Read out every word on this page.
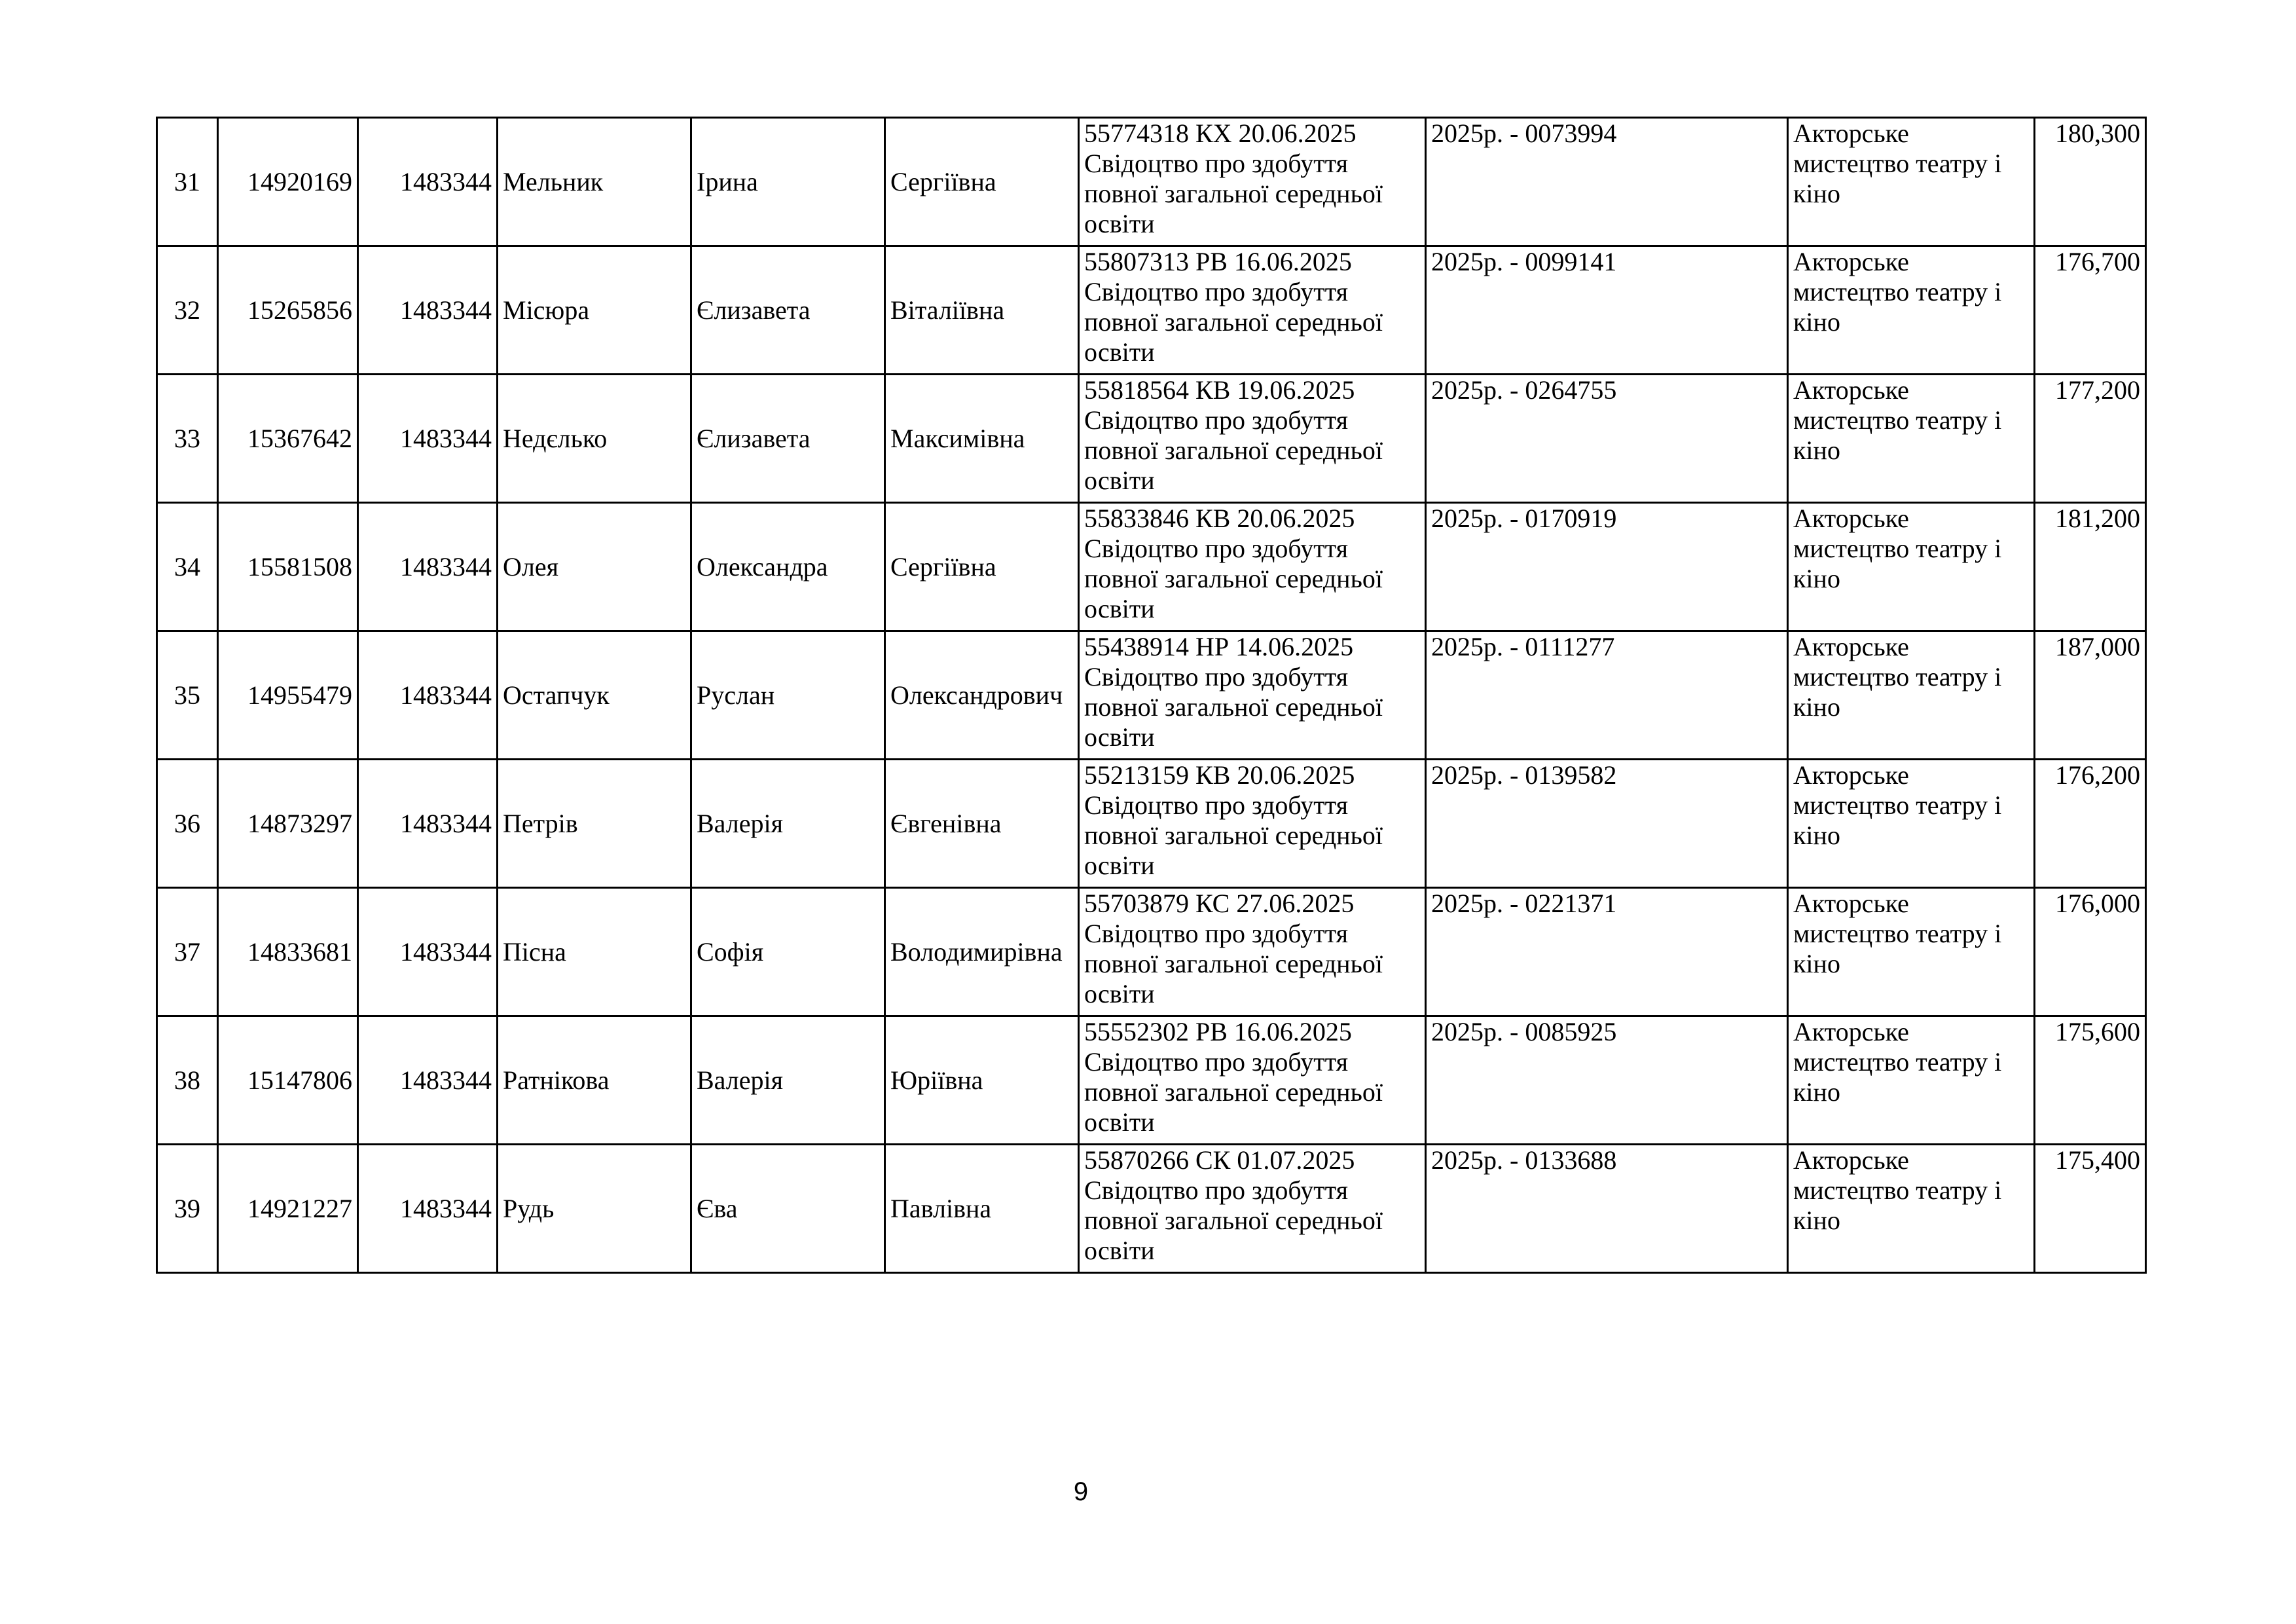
31	14920169	1483344	Мельник	Ірина	Сергіївна	55774318 КХ 20.06.2025
Свідоцтво про здобуття повної загальної середньої освіти	2025р. - 0073994	Акторське мистецтво театру і кіно	180,300
32	15265856	1483344	Місюра	Єлизавета	Віталіївна	55807313 РВ 16.06.2025
Свідоцтво про здобуття повної загальної середньої освіти	2025р. - 0099141	Акторське мистецтво театру і кіно	176,700
33	15367642	1483344	Недєлько	Єлизавета	Максимівна	55818564 КВ 19.06.2025
Свідоцтво про здобуття повної загальної середньої освіти	2025р. - 0264755	Акторське мистецтво театру і кіно	177,200
34	15581508	1483344	Олея	Олександра	Сергіївна	55833846 КВ 20.06.2025
Свідоцтво про здобуття повної загальної середньої освіти	2025р. - 0170919	Акторське мистецтво театру і кіно	181,200
35	14955479	1483344	Остапчук	Руслан	Олександрович	55438914 НР 14.06.2025
Свідоцтво про здобуття повної загальної середньої освіти	2025р. - 0111277	Акторське мистецтво театру і кіно	187,000
36	14873297	1483344	Петрів	Валерія	Євгенівна	55213159 КВ 20.06.2025
Свідоцтво про здобуття повної загальної середньої освіти	2025р. - 0139582	Акторське мистецтво театру і кіно	176,200
37	14833681	1483344	Пісна	Софія	Володимирівна	55703879 КС 27.06.2025
Свідоцтво про здобуття повної загальної середньої освіти	2025р. - 0221371	Акторське мистецтво театру і кіно	176,000
38	15147806	1483344	Ратнікова	Валерія	Юріївна	55552302 РВ 16.06.2025
Свідоцтво про здобуття повної загальної середньої освіти	2025р. - 0085925	Акторське мистецтво театру і кіно	175,600
39	14921227	1483344	Рудь	Єва	Павлівна	55870266 СК 01.07.2025
Свідоцтво про здобуття повної загальної середньої освіти	2025р. - 0133688	Акторське мистецтво театру і кіно	175,400
9
